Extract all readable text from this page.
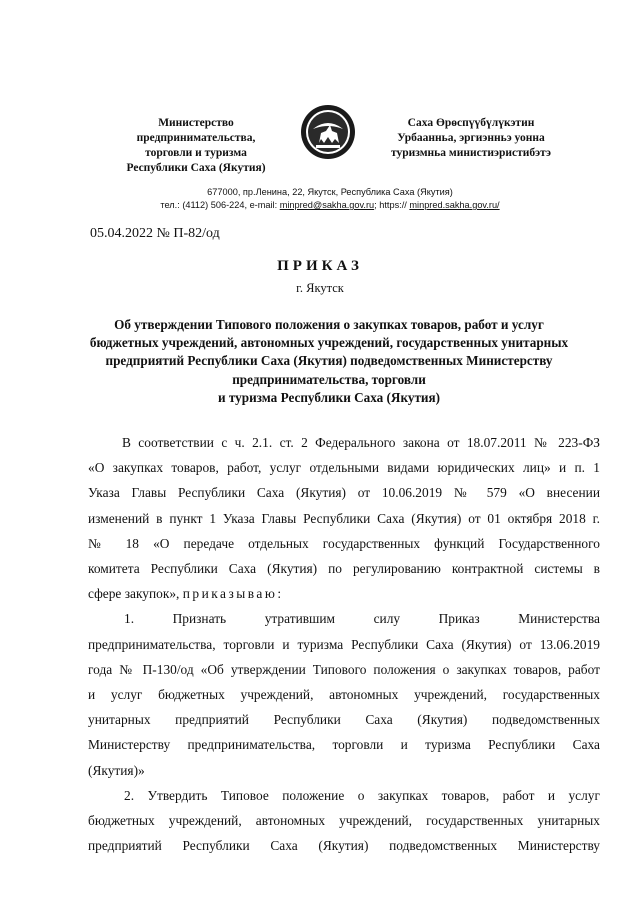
Министерство
предпринимательства,
торговли и туризма
Республики Саха (Якутия)
Саха Өрөспүүбүлүкэтин
Урбаанньа, эргиэнньэ уонна
туризмньа министиэристибэтэ
677000, пр.Ленина, 22, Якутск, Республика Саха (Якутия)
тел.: (4112) 506-224, e-mail: minpred@sakha.gov.ru; https:// minpred.sakha.gov.ru/
05.04.2022 № П-82/од
ПРИКАЗ
г. Якутск
Об утверждении Типового положения о закупках товаров, работ и услуг
бюджетных учреждений, автономных учреждений, государственных унитарных
предприятий Республики Саха (Якутия) подведомственных Министерству
предпринимательства, торговли
и туризма Республики Саха (Якутия)
В соответствии с ч. 2.1. ст. 2 Федерального закона от 18.07.2011 № 223-ФЗ
«О закупках товаров, работ, услуг отдельными видами юридических лиц» и п. 1
Указа Главы Республики Саха (Якутия) от 10.06.2019 № 579 «О внесении
изменений в пункт 1 Указа Главы Республики Саха (Якутия) от 01 октября 2018 г.
№ 18 «О передаче отдельных государственных функций Государственного
комитета Республики Саха (Якутия) по регулированию контрактной системы в
сфере закупок», приказываю:
1. Признать утратившим силу Приказ Министерства
предпринимательства, торговли и туризма Республики Саха (Якутия) от 13.06.2019
года № П-130/од «Об утверждении Типового положения о закупках товаров, работ
и услуг бюджетных учреждений, автономных учреждений, государственных
унитарных предприятий Республики Саха (Якутия) подведомственных
Министерству предпринимательства, торговли и туризма Республики Саха
(Якутия)»
2. Утвердить Типовое положение о закупках товаров, работ и услуг
бюджетных учреждений, автономных учреждений, государственных унитарных
предприятий Республики Саха (Якутия) подведомственных Министерству
